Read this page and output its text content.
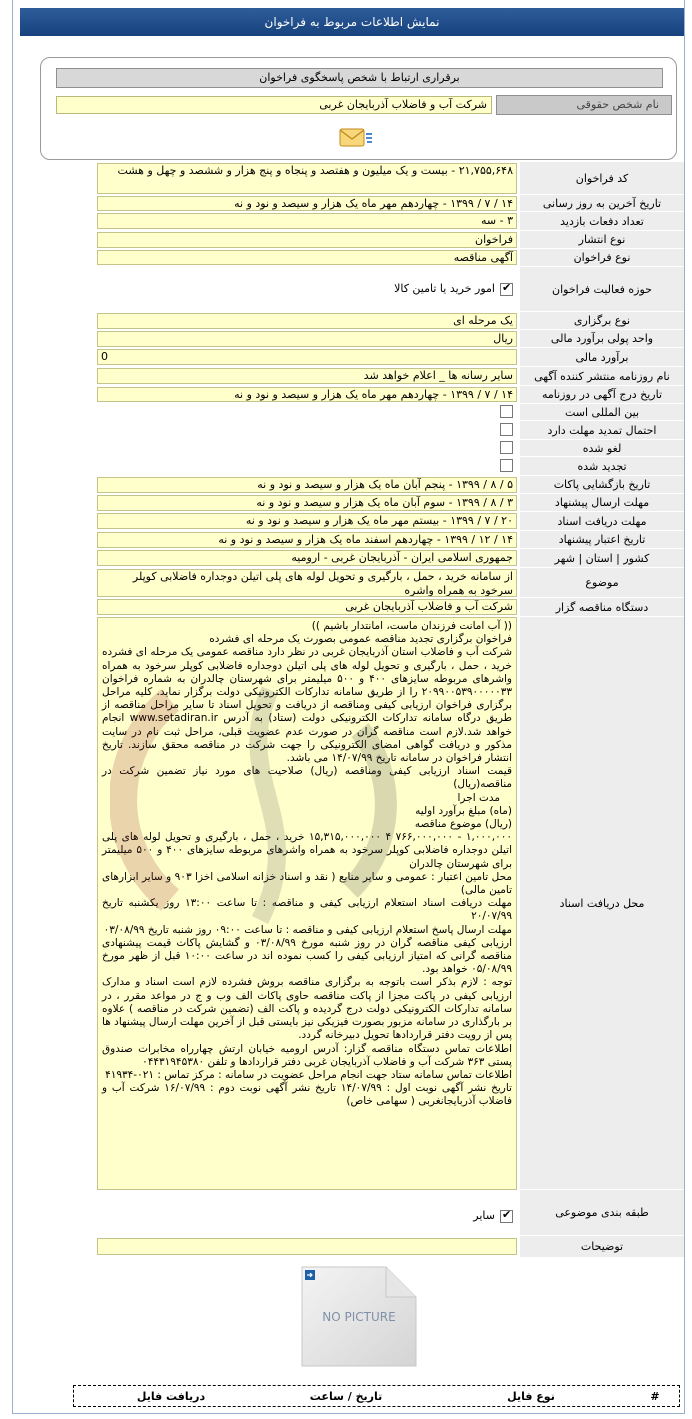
نمایش اطلاعات مربوط به فراخوان
برقراری ارتباط با شخص پاسخگوی فراخوان
نام شخص حقوقی
شرکت آب و فاضلاب آذربایجان غربی
کد فراخوان
تاریخ آخرین به روز رسانی
تعداد دفعات بازدید
نوع انتشار
نوع فراخوان
حوزه فعالیت فراخوان
نوع برگزاری
واحد پولی برآورد مالی
برآورد مالی
نام روزنامه منتشر کننده آگهی
تاریخ درج آگهی در روزنامه
بین المللی است
احتمال تمدید مهلت دارد
لغو شده
تجدید شده
تاریخ بازگشایی پاکات
مهلت ارسال پیشنهاد
مهلت دریافت اسناد
تاریخ اعتبار پیشنهاد
کشور | استان | شهر
موضوع
دستگاه مناقصه گزار
محل دریافت اسناد
طبقه بندی موضوعی
توضیحات
۲۱,۷۵۵,۶۴۸ - بیست و یک میلیون و هفتصد و پنجاه و پنج هزار و ششصد و چهل و هشت
۱۴ / ۷ / ۱۳۹۹ - چهاردهم مهر ماه یک هزار و سیصد و نود و نه
۳ - سه
فراخوان
آگهی مناقصه
✔
امور خرید یا تامین کالا
یک مرحله ای
ریال
0
سایر رسانه ها _ اعلام خواهد شد
۱۴ / ۷ / ۱۳۹۹ - چهاردهم مهر ماه یک هزار و سیصد و نود و نه
۵ / ۸ / ۱۳۹۹ - پنجم آبان ماه یک هزار و سیصد و نود و نه
۳ / ۸ / ۱۳۹۹ - سوم آبان ماه یک هزار و سیصد و نود و نه
۲۰ / ۷ / ۱۳۹۹ - بیستم مهر ماه یک هزار و سیصد و نود و نه
۱۴ / ۱۲ / ۱۳۹۹ - چهاردهم اسفند ماه یک هزار و سیصد و نود و نه
جمهوری اسلامی ایران - آذربایجان غربی - ارومیه
از سامانه خرید ، حمل ، بارگیری و تحویل لوله های پلی اتیلن دوجداره فاضلابی کوپلر سرخود به همراه واشره
شرکت آب و فاضلاب آذربایجان غربی

(( آب امانت فرزندان ماست، امانتدار باشیم ))

فراخوان برگزاری تجدید مناقصه عمومی بصورت یک مرحله ای فشرده

شرکت آب و فاضلاب استان آذربایجان غربی در نظر دارد مناقصه عمومی یک مرحله ای فشرده خرید ، حمل ، بارگیری و تحویل لوله های پلی اتیلن دوجداره فاضلابی کوپلر سرخود به همراه واشرهای مربوطه سایزهای ۴۰۰ و ۵۰۰ میلیمتر برای شهرستان چالدران به شماره فراخوان ۲۰۹۹۰۰۵۳۹۰۰۰۰۰۳۳ را از طریق سامانه تدارکات الکترونیکی دولت برگزار نماید. کلیه مراحل برگزاری فراخوان ارزیابی کیفی ومناقصه از دریافت و تحویل اسناد تا سایر مراحل مناقصه از طریق درگاه سامانه تدارکات الکترونیکی دولت (ستاد) به آدرس www.setadiran.ir انجام خواهد شد.لازم است مناقصه گران در صورت عدم عضویت قبلی، مراحل ثبت نام در سایت مذکور و دریافت گواهی امضای الکترونیکی را جهت شرکت در مناقصه محقق سازند. تاریخ انتشار فراخوان در سامانه تاریخ ۱۴/۰۷/۹۹ می باشد.

قیمت اسناد ارزیابی کیفی ومناقصه (ریال) صلاحیت های مورد نیاز تضمین شرکت در مناقصه(ریال)

مدت اجرا

(ماه) مبلغ برآورد اولیه

(ریال) موضوع مناقصه

۱,۰۰۰,۰۰۰ - ۷۶۶,۰۰۰,۰۰۰ ۴ ۱۵,۳۱۵,۰۰۰,۰۰۰ خرید ، حمل ، بارگیری و تحویل لوله های پلی اتیلن دوجداره فاضلابی کوپلر سرخود به همراه واشرهای مربوطه سایزهای ۴۰۰ و ۵۰۰ میلیمتر برای شهرستان چالدران

محل تامین اعتبار : عمومی و سایر منابع ( نقد و اسناد خزانه اسلامی اخزا ۹۰۳ و سایر ابزارهای تامین مالی)

مهلت دریافت اسناد استعلام ارزیابی کیفی و مناقصه : تا ساعت ۱۳:۰۰ روز یکشنبه تاریخ ۲۰/۰۷/۹۹

مهلت ارسال پاسخ استعلام ارزیابی کیفی و مناقصه : تا ساعت ۰۹:۰۰ روز شنبه تاریخ ۰۳/۰۸/۹۹

ارزیابی کیفی مناقصه گران در روز شنبه مورخ ۰۳/۰۸/۹۹ و گشایش پاکات قیمت پیشنهادی مناقصه گرانی که امتیاز ارزیابی کیفی را کسب نموده اند در ساعت ۱۰:۰۰ قبل از ظهر مورخ ۰۵/۰۸/۹۹ خواهد بود.

توجه : لازم بذکر است باتوجه به برگزاری مناقصه بروش فشرده لازم است اسناد و مدارک ارزیابی کیفی در پاکت مجزا از پاکت مناقصه حاوی پاکات الف وب و ج در مواعد مقرر ، در سامانه تدارکات الکترونیکی دولت درج گردیده و پاکت الف (تضمین شرکت در مناقصه ) علاوه بر بارگذاری در سامانه مزبور بصورت فیزیکی نیز بایستی قبل از آخرین مهلت ارسال پیشنهاد ها پس از رویت دفتر قراردادها تحویل دبیرخانه گردد.

اطلاعات تماس دستگاه مناقصه گزار: آدرس ارومیه خیابان ارتش چهارراه مخابرات صندوق پستی ۳۶۳ شرکت آب و فاضلاب آذربایجان غربی دفتر قراردادها و تلفن ۰۴۴۳۱۹۴۵۳۸۰

اطلاعات تماس سامانه ستاد جهت انجام مراحل عضویت در سامانه : مرکز تماس : ۰۲۱-۴۱۹۳۴

تاریخ نشر آگهی نوبت اول : ۱۴/۰۷/۹۹ تاریخ نشر آگهی نوبت دوم : ۱۶/۰۷/۹۹ شرکت آب و فاضلاب آذربایجانغربی ( سهامی خاص)

✔
سایر
NO PICTURE
#
نوع فایل
تاریخ / ساعت
دریافت فایل
